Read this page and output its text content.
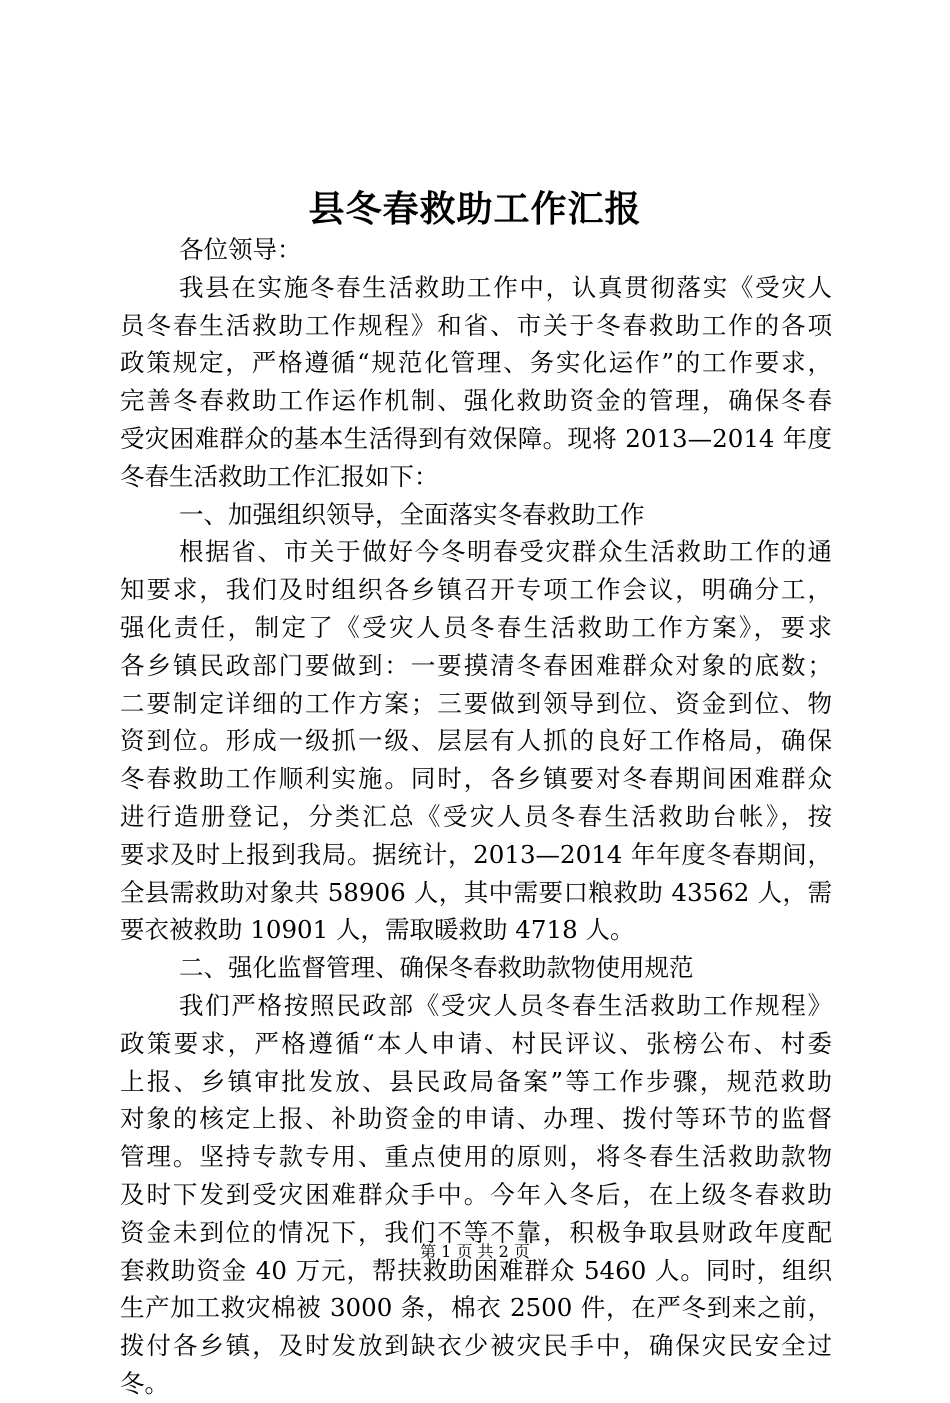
县冬春救助工作汇报
各位领导：
我县在实施冬春生活救助工作中，认真贯彻落实《受灾人
员冬春生活救助工作规程》和省、市关于冬春救助工作的各项
政策规定，严格遵循“规范化管理、务实化运作”的工作要求，
完善冬春救助工作运作机制、强化救助资金的管理，确保冬春
受灾困难群众的基本生活得到有效保障。现将 2013—2014 年度
冬春生活救助工作汇报如下：
一、加强组织领导，全面落实冬春救助工作
根据省、市关于做好今冬明春受灾群众生活救助工作的通
知要求，我们及时组织各乡镇召开专项工作会议，明确分工，
强化责任，制定了《受灾人员冬春生活救助工作方案》，要求
各乡镇民政部门要做到：一要摸清冬春困难群众对象的底数；
二要制定详细的工作方案；三要做到领导到位、资金到位、物
资到位。形成一级抓一级、层层有人抓的良好工作格局，确保
冬春救助工作顺利实施。同时，各乡镇要对冬春期间困难群众
进行造册登记，分类汇总《受灾人员冬春生活救助台帐》，按
要求及时上报到我局。据统计，2013—2014 年年度冬春期间，
全县需救助对象共 58906 人，其中需要口粮救助 43562 人，需
要衣被救助 10901 人，需取暖救助 4718 人。
二、强化监督管理、确保冬春救助款物使用规范
我们严格按照民政部《受灾人员冬春生活救助工作规程》
政策要求，严格遵循“本人申请、村民评议、张榜公布、村委
上报、乡镇审批发放、县民政局备案”等工作步骤，规范救助
对象的核定上报、补助资金的申请、办理、拨付等环节的监督
管理。坚持专款专用、重点使用的原则，将冬春生活救助款物
及时下发到受灾困难群众手中。今年入冬后，在上级冬春救助
资金未到位的情况下，我们不等不靠，积极争取县财政年度配
套救助资金 40 万元，帮扶救助困难群众 5460 人。同时，组织
生产加工救灾棉被 3000 条，棉衣 2500 件，在严冬到来之前，
拨付各乡镇，及时发放到缺衣少被灾民手中，确保灾民安全过
冬。
第 1 页 共 2 页
